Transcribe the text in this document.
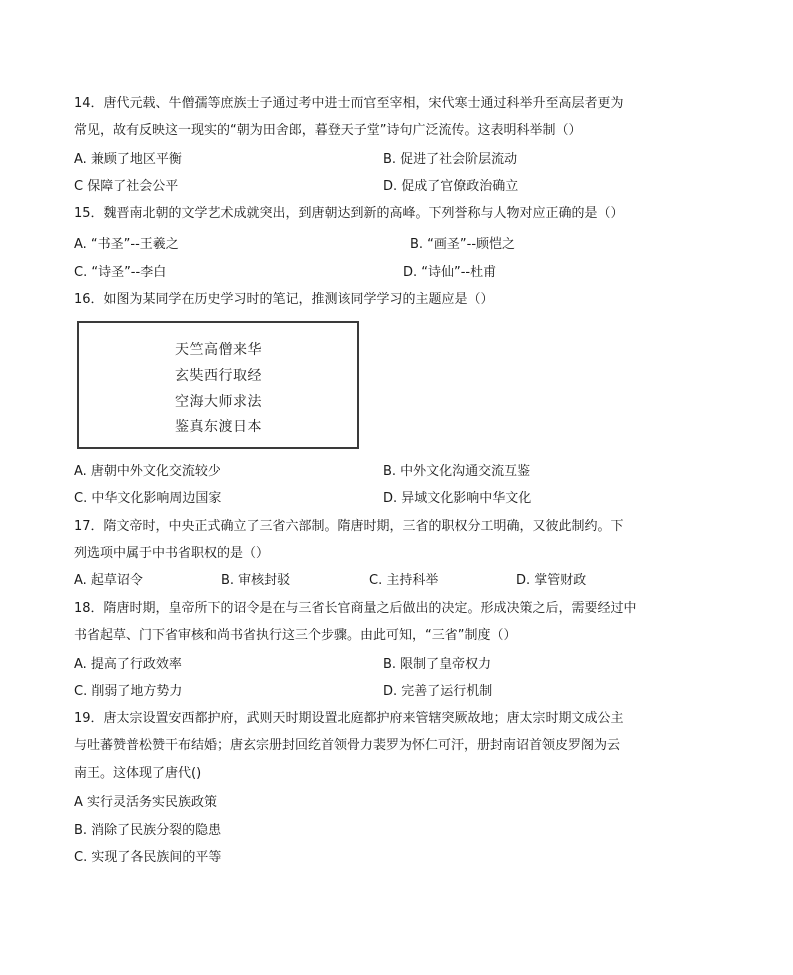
14．唐代元载、牛僧孺等庶族士子通过考中进士而官至宰相，宋代寒士通过科举升至高层者更为
常见，故有反映这一现实的“朝为田舍郎，暮登天子堂”诗句广泛流传。这表明科举制（）
A. 兼顾了地区平衡	B. 促进了社会阶层流动
C 保障了社会公平	D. 促成了官僚政治确立
15．魏晋南北朝的文学艺术成就突出，到唐朝达到新的高峰。下列誉称与人物对应正确的是（）
A. “书圣”--王羲之	B. “画圣”--顾恺之
C. “诗圣”--李白	D. “诗仙”--杜甫
16．如图为某同学在历史学习时的笔记，推测该同学学习的主题应是（）
天竺高僧来华
玄奘西行取经
空海大师求法
鉴真东渡日本
A. 唐朝中外文化交流较少	B. 中外文化沟通交流互鉴
C. 中华文化影响周边国家	D. 异域文化影响中华文化
17．隋文帝时，中央正式确立了三省六部制。隋唐时期，三省的职权分工明确，又彼此制约。下
列选项中属于中书省职权的是（）
A. 起草诏令	B. 审核封驳	C. 主持科举	D. 掌管财政
18．隋唐时期，皇帝所下的诏令是在与三省长官商量之后做出的决定。形成决策之后，需要经过中
书省起草、门下省审核和尚书省执行这三个步骤。由此可知，“三省”制度（）
A. 提高了行政效率	B. 限制了皇帝权力
C. 削弱了地方势力	D. 完善了运行机制
19．唐太宗设置安西都护府，武则天时期设置北庭都护府来管辖突厥故地；唐太宗时期文成公主
与吐蕃赞普松赞干布结婚；唐玄宗册封回纥首领骨力裴罗为怀仁可汗，册封南诏首领皮罗阁为云
南王。这体现了唐代()
A 实行灵活务实民族政策
B. 消除了民族分裂的隐患
C. 实现了各民族间的平等
